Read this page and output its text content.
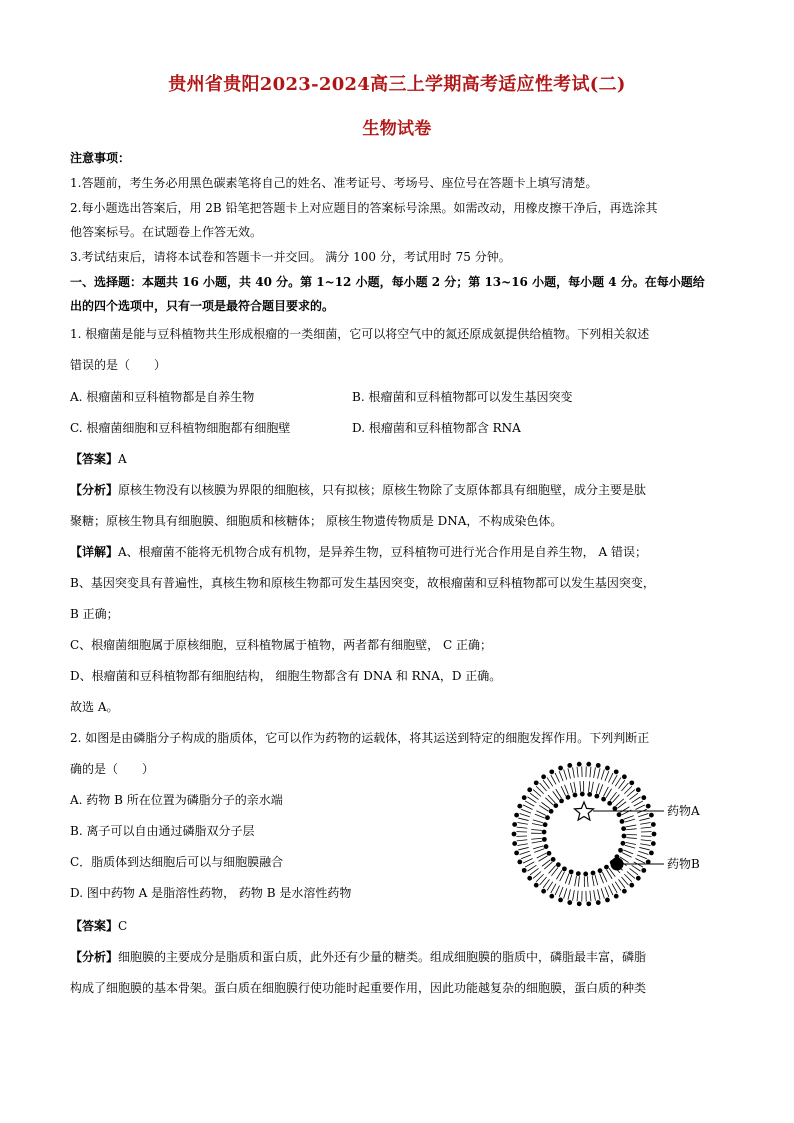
贵州省贵阳2023-2024高三上学期高考适应性考试(二)
生物试卷
注意事项：
1.答题前，考生务必用黑色碳素笔将自己的姓名、准考证号、考场号、座位号在答题卡上填写清楚。
2.每小题选出答案后，用 2B 铅笔把答题卡上对应题目的答案标号涂黑。如需改动，用橡皮擦干净后，再选涂其
他答案标号。在试题卷上作答无效。
3.考试结束后，请将本试卷和答题卡一并交回。 满分 100 分，考试用时 75 分钟。
一、选择题：本题共 16 小题，共 40 分。第 1~12 小题，每小题 2 分；第 13~16 小题，每小题 4 分。在每小题给
出的四个选项中，只有一项是最符合题目要求的。
1. 根瘤菌是能与豆科植物共生形成根瘤的一类细菌，它可以将空气中的氮还原成氨提供给植物。下列相关叙述
错误的是（　　）
A. 根瘤菌和豆科植物都是自养生物	B. 根瘤菌和豆科植物都可以发生基因突变
C. 根瘤菌细胞和豆科植物细胞都有细胞壁	D. 根瘤菌和豆科植物都含 RNA
【答案】A
【分析】原核生物没有以核膜为界限的细胞核，只有拟核；原核生物除了支原体都具有细胞壁，成分主要是肽
聚糖；原核生物具有细胞膜、细胞质和核糖体； 原核生物遗传物质是 DNA，不构成染色体。
【详解】A、根瘤菌不能将无机物合成有机物，是异养生物，豆科植物可进行光合作用是自养生物， A 错误；
B、基因突变具有普遍性，真核生物和原核生物都可发生基因突变，故根瘤菌和豆科植物都可以发生基因突变，
B 正确；
C、根瘤菌细胞属于原核细胞，豆科植物属于植物，两者都有细胞壁， C 正确；
D、根瘤菌和豆科植物都有细胞结构， 细胞生物都含有 DNA 和 RNA，D 正确。
故选 A。
2. 如图是由磷脂分子构成的脂质体，它可以作为药物的运载体，将其运送到特定的细胞发挥作用。下列判断正
确的是（　　）
A. 药物 B 所在位置为磷脂分子的亲水端
B. 离子可以自由通过磷脂双分子层
C．脂质体到达细胞后可以与细胞膜融合
D. 图中药物 A 是脂溶性药物， 药物 B 是水溶性药物
药物A
药物B
【答案】C
【分析】细胞膜的主要成分是脂质和蛋白质，此外还有少量的糖类。组成细胞膜的脂质中，磷脂最丰富，磷脂
构成了细胞膜的基本骨架。蛋白质在细胞膜行使功能时起重要作用，因此功能越复杂的细胞膜，蛋白质的种类
